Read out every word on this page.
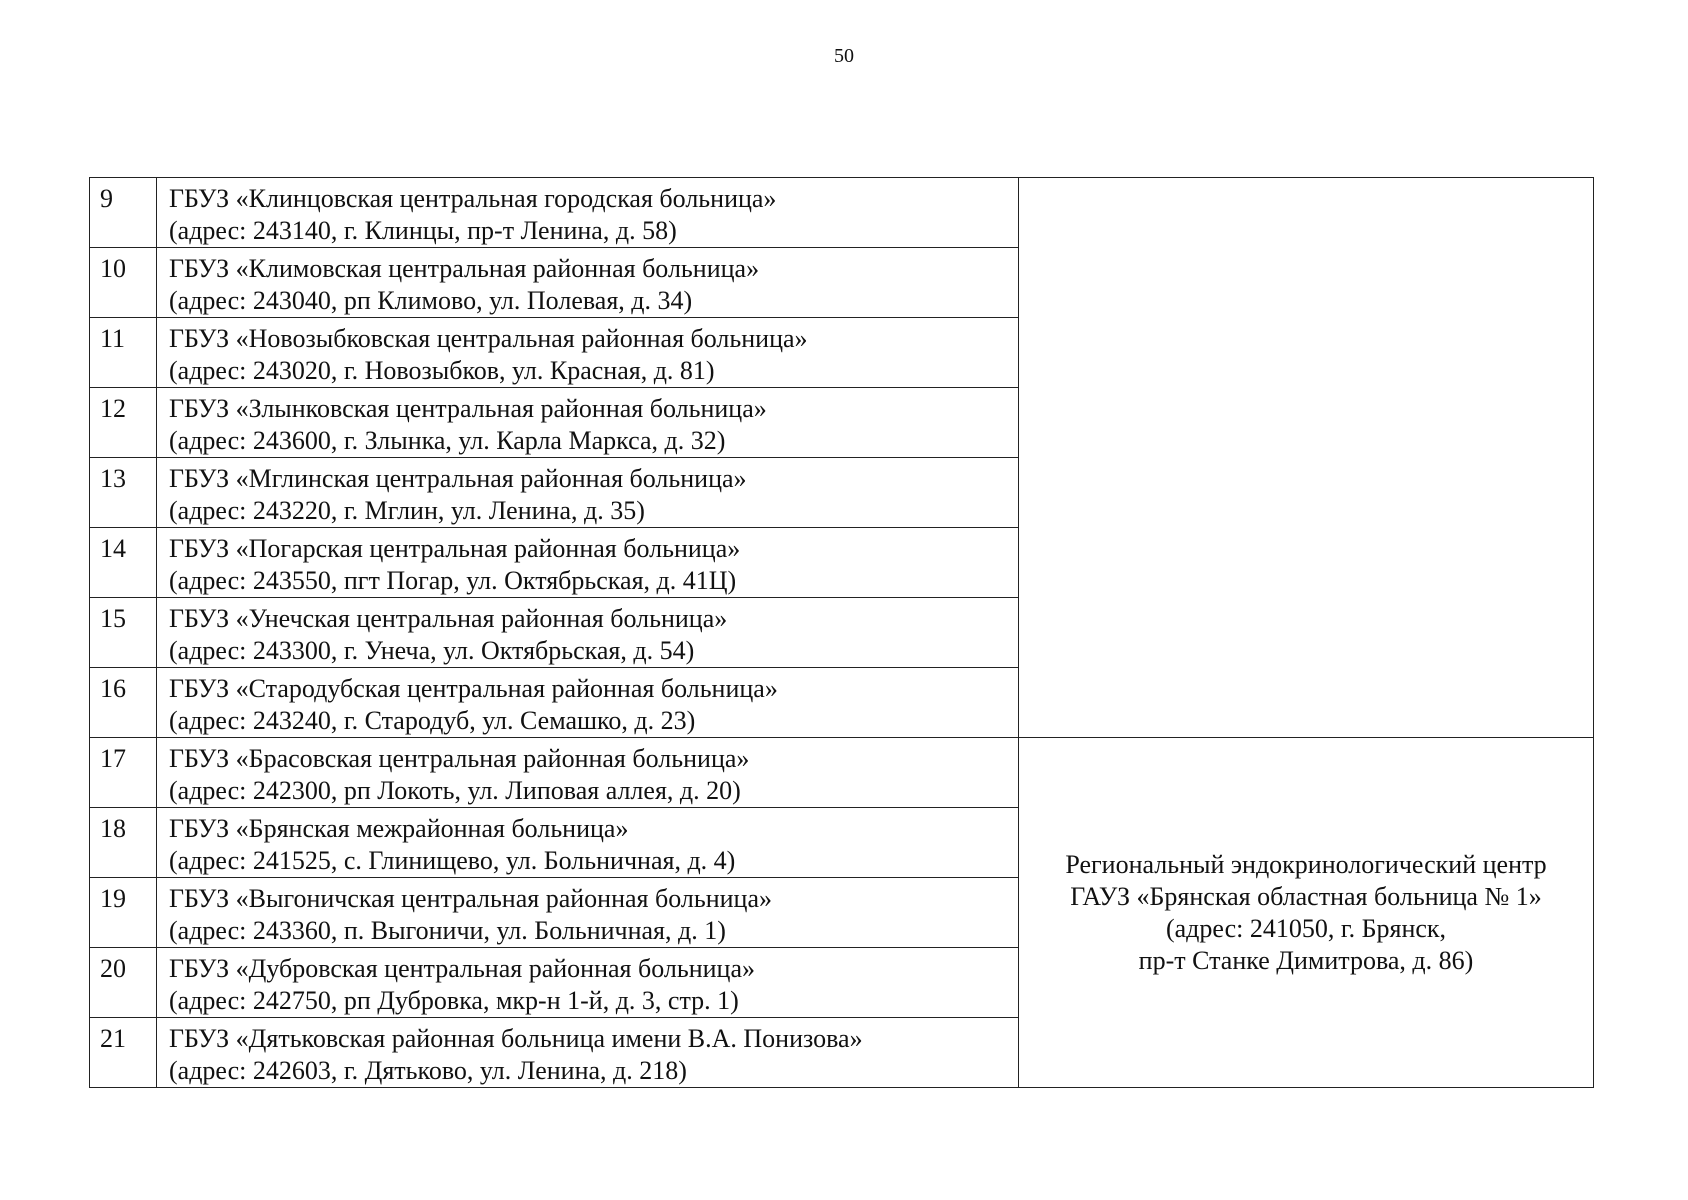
50
9	ГБУЗ «Клинцовская центральная городская больница»
(адрес: 243140, г. Клинцы, пр-т Ленина, д. 58)	

10	ГБУЗ «Климовская центральная районная больница»
(адрес: 243040, рп Климово, ул. Полевая, д. 34)	

11	ГБУЗ «Новозыбковская центральная районная больница»
(адрес: 243020, г. Новозыбков, ул. Красная, д. 81)	

12	ГБУЗ «Злынковская центральная районная больница»
(адрес: 243600, г. Злынка, ул. Карла Маркса, д. 32)	

13	ГБУЗ «Мглинская центральная районная больница»
(адрес: 243220, г. Мглин, ул. Ленина, д. 35)	

14	ГБУЗ «Погарская центральная районная больница»
(адрес: 243550, пгт Погар, ул. Октябрьская, д. 41Ц)	

15	ГБУЗ «Унечская центральная районная больница»
(адрес: 243300, г. Унеча, ул. Октябрьская, д. 54)	

16	ГБУЗ «Стародубская центральная районная больница»
(адрес: 243240, г. Стародуб, ул. Семашко, д. 23)	

17	ГБУЗ «Брасовская центральная районная больница»
(адрес: 242300, рп Локоть, ул. Липовая аллея, д. 20)	Региональный эндокринологический центр
ГАУЗ «Брянская областная больница № 1»
(адрес: 241050, г. Брянск,
пр-т Станке Димитрова, д. 86)

18	ГБУЗ «Брянская межрайонная больница»
(адрес: 241525, с. Глинищево, ул. Больничная, д. 4)	

19	ГБУЗ «Выгоничская центральная районная больница»
(адрес: 243360, п. Выгоничи, ул. Больничная, д. 1)	

20	ГБУЗ «Дубровская центральная районная больница»
(адрес: 242750, рп Дубровка, мкр-н 1-й, д. 3, стр. 1)	

21	ГБУЗ «Дятьковская районная больница имени В.А. Понизова»
(адрес: 242603, г. Дятьково, ул. Ленина, д. 218)	
